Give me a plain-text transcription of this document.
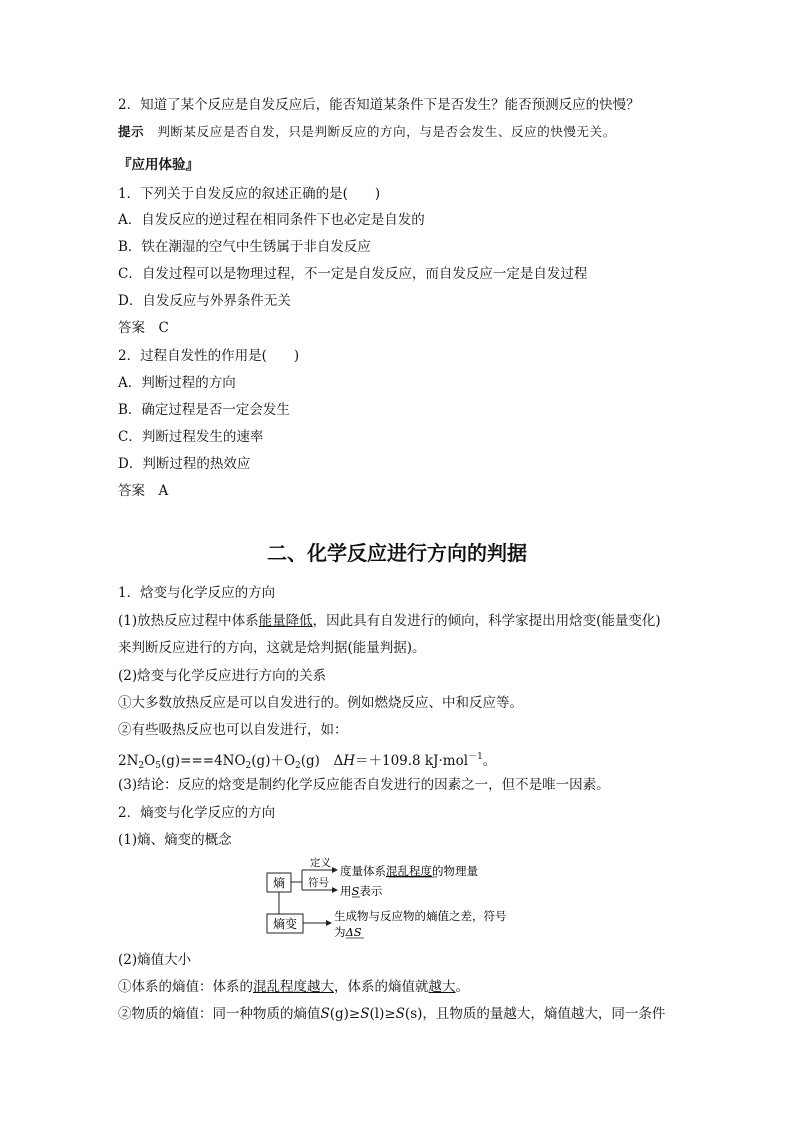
2．知道了某个反应是自发反应后，能否知道某条件下是否发生？能否预测反应的快慢？
提示　 判断某反应是否自发，只是判断反应的方向，与是否会发生、反应的快慢无关。
『应用体验』
1．下列关于自发反应的叙述正确的是(　　)
A．自发反应的逆过程在相同条件下也必定是自发的
B．铁在潮湿的空气中生锈属于非自发反应
C．自发过程可以是物理过程，不一定是自发反应，而自发反应一定是自发过程
D．自发反应与外界条件无关
答案　C
2．过程自发性的作用是(　　)
A．判断过程的方向
B．确定过程是否一定会发生
C．判断过程发生的速率
D．判断过程的热效应
答案　A
二、化学反应进行方向的判据
1．焓变与化学反应的方向
(1)放热反应过程中体系能量降低，因此具有自发进行的倾向，科学家提出用焓变(能量变化)
来判断反应进行的方向，这就是焓判据(能量判据)。
(2)焓变与化学反应进行方向的关系
①大多数放热反应是可以自发进行的。例如燃烧反应、中和反应等。
②有些吸热反应也可以自发进行，如：
$2N_2O_5(g)===4NO_2(g)+O_2(g)$　ΔH＝＋109.8 kJ·mol$^{-1}$。
(3)结论：反应的焓变是制约化学反应能否自发进行的因素之一，但不是唯一因素。
2．熵变与化学反应的方向
(1)熵、熵变的概念
熵
熵变
定义
符号
度量体系混乱程度的物理量
用S表示
生成物与反应物的熵值之差，符号
为ΔS
(2)熵值大小
①体系的熵值：体系的混乱程度越大，体系的熵值就越大。
②物质的熵值：同一种物质的熵值S(g)≥S(l)≥S(s)，且物质的量越大，熵值越大，同一条件
